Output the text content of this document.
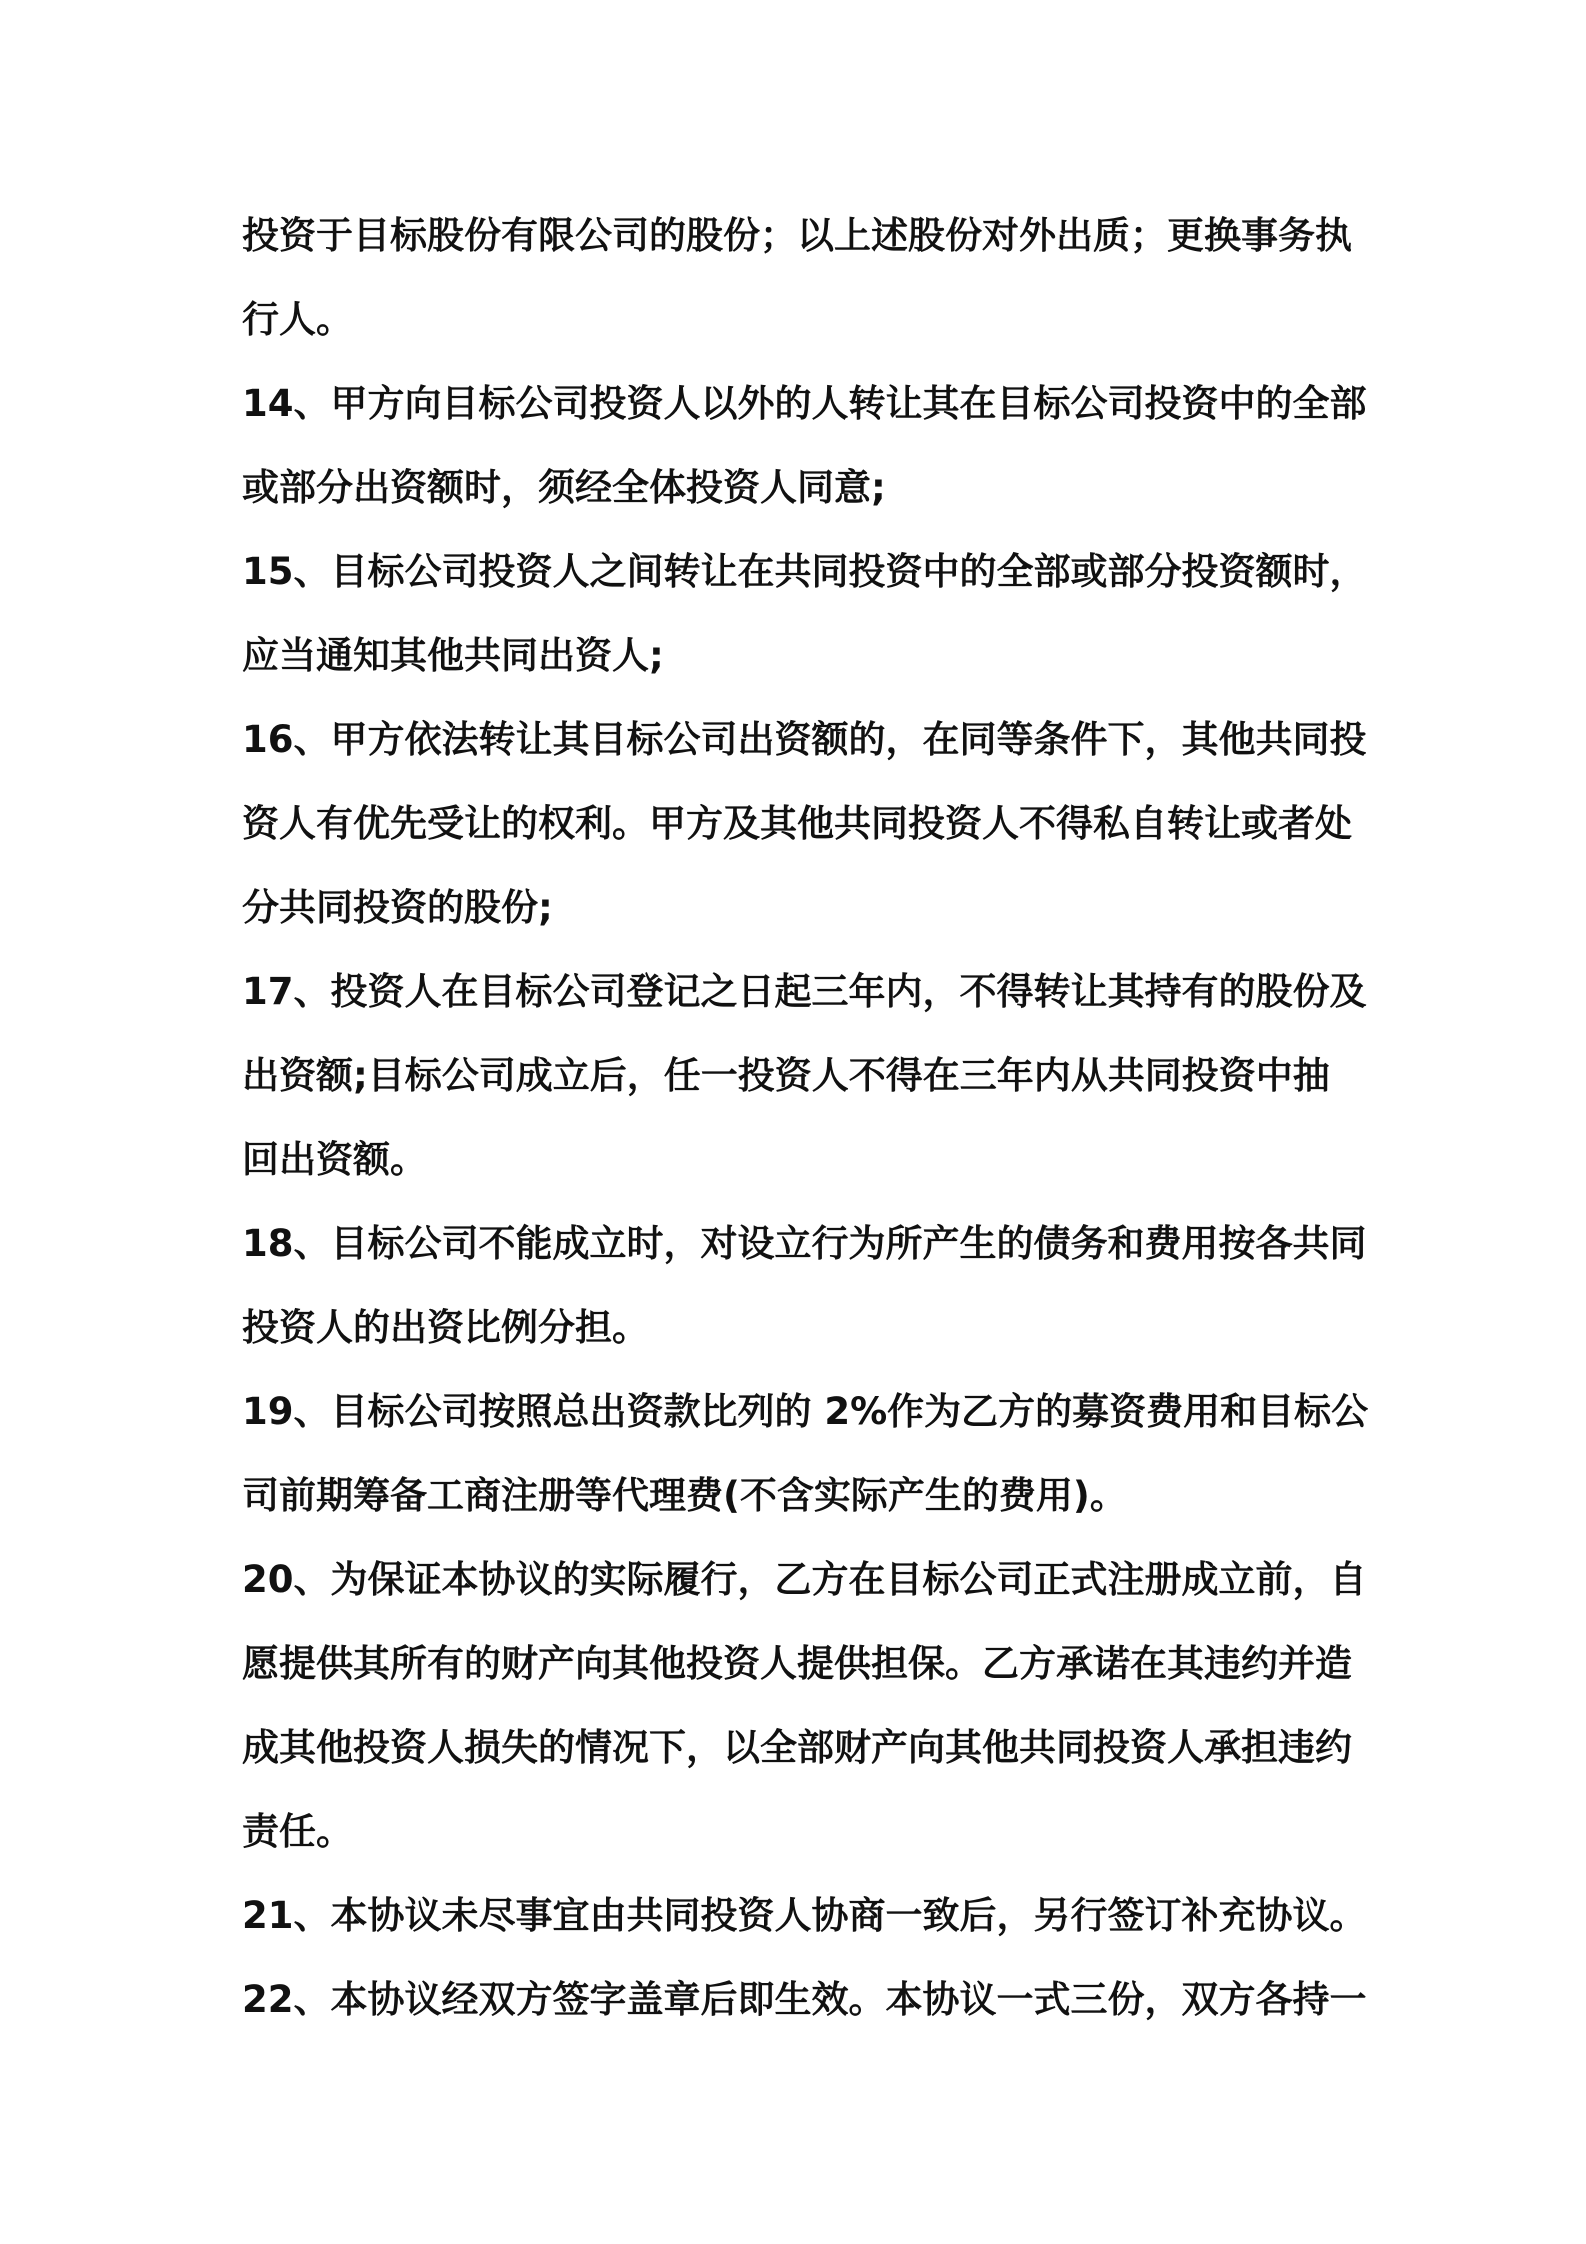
投资于目标股份有限公司的股份；以上述股份对外出质；更换事务执
行人。
14、甲方向目标公司投资人以外的人转让其在目标公司投资中的全部
或部分出资额时，须经全体投资人同意;
15、目标公司投资人之间转让在共同投资中的全部或部分投资额时，
应当通知其他共同出资人;
16、甲方依法转让其目标公司出资额的，在同等条件下，其他共同投
资人有优先受让的权利。甲方及其他共同投资人不得私自转让或者处
分共同投资的股份;
17、投资人在目标公司登记之日起三年内，不得转让其持有的股份及
出资额;目标公司成立后，任一投资人不得在三年内从共同投资中抽
回出资额。
18、目标公司不能成立时，对设立行为所产生的债务和费用按各共同
投资人的出资比例分担。
19、目标公司按照总出资款比列的 2%作为乙方的募资费用和目标公
司前期筹备工商注册等代理费(不含实际产生的费用)。
20、为保证本协议的实际履行，乙方在目标公司正式注册成立前，自
愿提供其所有的财产向其他投资人提供担保。乙方承诺在其违约并造
成其他投资人损失的情况下，以全部财产向其他共同投资人承担违约
责任。
21、本协议未尽事宜由共同投资人协商一致后，另行签订补充协议。
22、本协议经双方签字盖章后即生效。本协议一式三份，双方各持一
